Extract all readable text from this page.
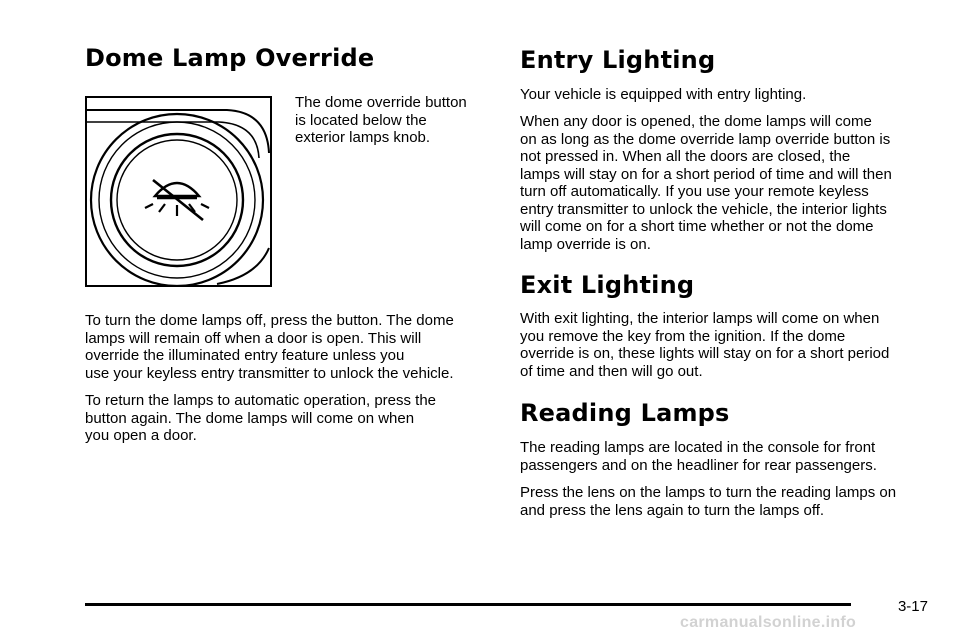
Dome Lamp Override

The dome override button
is located below the
exterior lamps knob.

To turn the dome lamps off, press the button. The dome
lamps will remain off when a door is open. This will
override the illuminated entry feature unless you
use your keyless entry transmitter to unlock the vehicle.

To return the lamps to automatic operation, press the
button again. The dome lamps will come on when
you open a door.

Entry Lighting

Your vehicle is equipped with entry lighting.

When any door is opened, the dome lamps will come
on as long as the dome override lamp override button is
not pressed in. When all the doors are closed, the
lamps will stay on for a short period of time and will then
turn off automatically. If you use your remote keyless
entry transmitter to unlock the vehicle, the interior lights
will come on for a short time whether or not the dome
lamp override is on.

Exit Lighting

With exit lighting, the interior lamps will come on when
you remove the key from the ignition. If the dome
override is on, these lights will stay on for a short period
of time and then will go out.

Reading Lamps

The reading lamps are located in the console for front
passengers and on the headliner for rear passengers.

Press the lens on the lamps to turn the reading lamps on
and press the lens again to turn the lamps off.

3-17
carmanualsonline.info
